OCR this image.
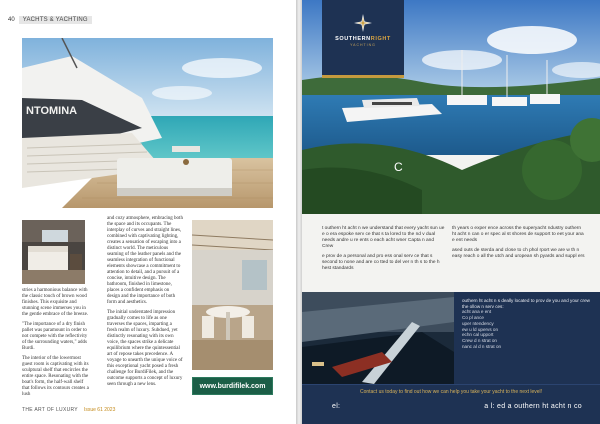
40	YACHTS & YACHTING
NTOMINA

stries a harmonious balance with the classic touch of brown wood finishes. This exquisite and stunning scene immerses you in the gentle embrace of the breeze.

"The importance of a dry finish pallet was paramount in order to not compete with the reflectivity of the surrounding waters," adds Burdi.

The interior of the lowermost guest room is captivating with its sculptural shelf that encircles the entire space. Resonating with the boat's form, the half-wall shelf that follows its contours creates a lush

and cozy atmosphere, embracing both the space and its occupants. The interplay of curves and straight lines, combined with captivating lighting, creates a sensation of escaping into a distinct world. The meticulous seaming of the leather panels and the seamless integration of functional elements showcase a commitment to attention to detail, and a pursuit of a concise, intuitive design. The bathroom, finished in limestone, places a confident emphasis on design and the importance of both form and aesthetics.

The initial understated impression gradually comes to life as one traverses the spaces, imparting a fresh realm of luxury. Subdued, yet distinctly resonating with its own voice, the spaces strike a delicate equilibrium where the quintessential art of repose takes precedence. A voyage to unearth the unique voice of this exceptional yacht posed a fresh challenge for BurdiFilek, and the outcome supports a concept of luxury seen through a new lens.	www.burdifilek.com
THE ART OF LUXURY Issue 61 2023
SOUTHERNRIGHT
YACHTING
C

t outhern ht acht n we understand that every yacht sun ue e o era espoke serv ce that s ta lored to the nd v dual needs andre u re ents o each acht wner Capta n and Crew

e prov de a personal and pro ess onal serv ce that s second to none and are co tted to del ver n th s to the h hest standards

th years o exper ence across the superyacht ndustry outhern ht acht n can o er spec al st shores de support to eet your ana e ent needs

ased outs de sterda and close to ch phol rport we are w th n easy reach o all the utch and uropean sh pyards and suppl ers

outhern ht acht n s deally located to prov de you and your crew the ollow n serv ces:
acht ana e ent
Co pl ance
uper ntendency
ew u ld upervs on
echn cal upport
Crew d n strat on
nanc al d n strat on
Contact us today to find out how we can help you take your yacht to the next level!
el:	a l: ed a outhern ht acht n co
